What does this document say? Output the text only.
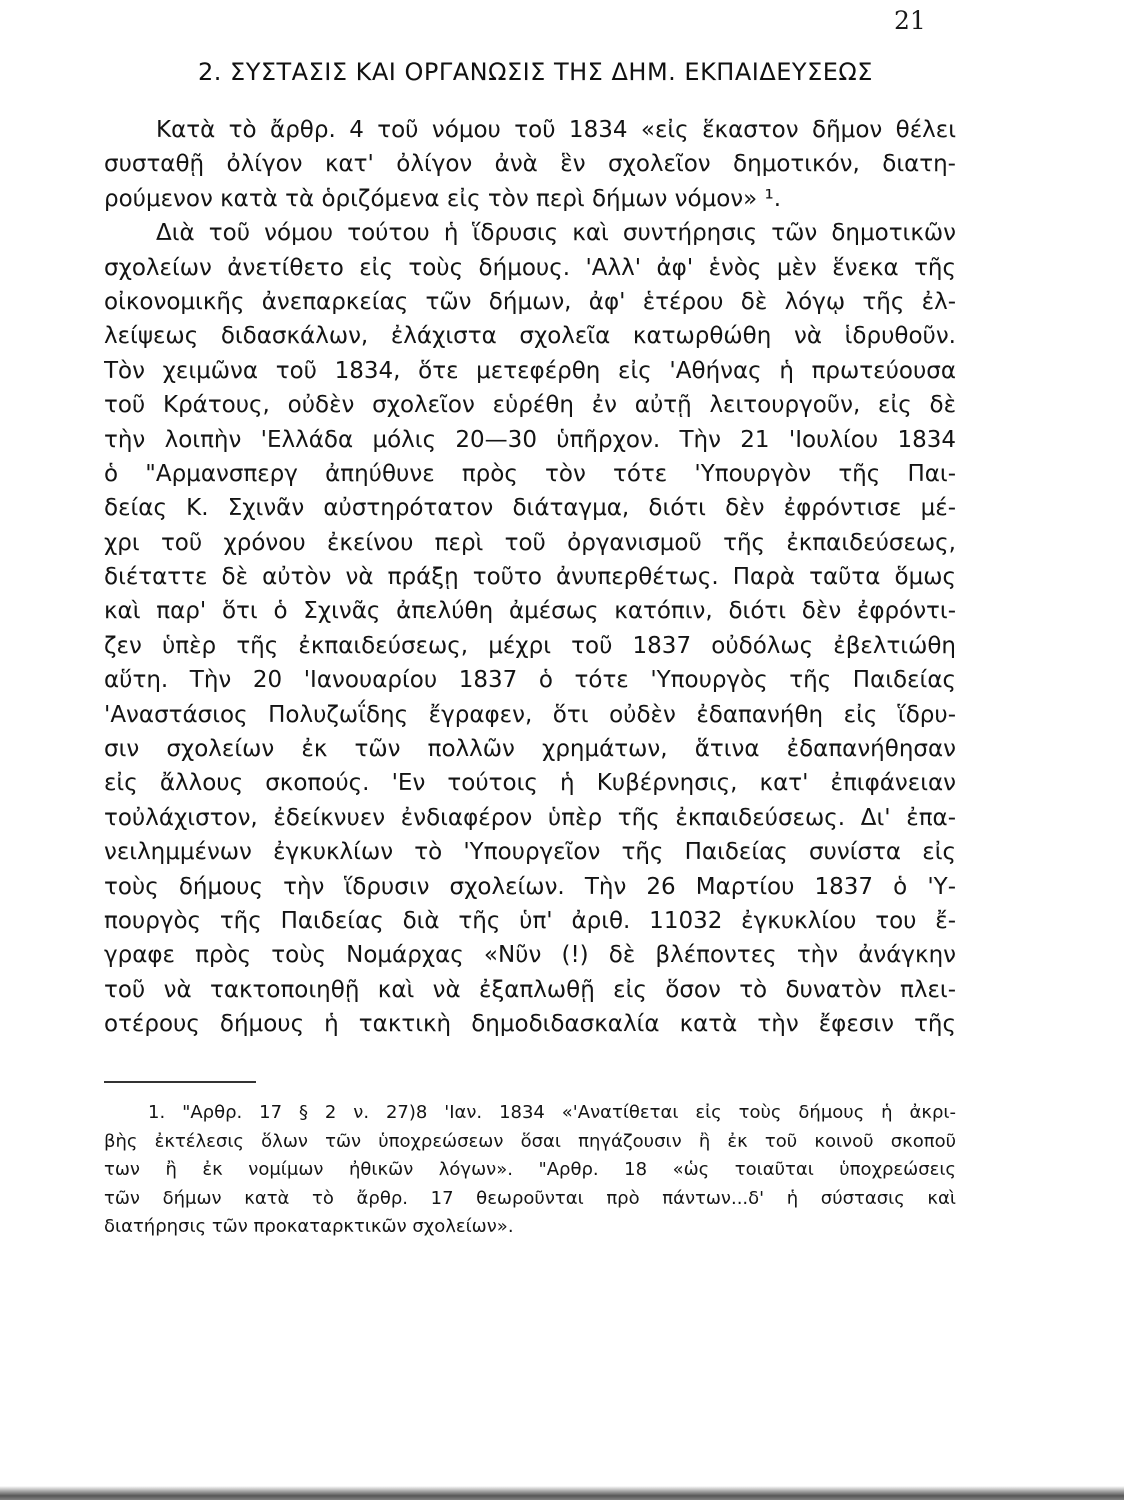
21
2. ΣΥΣΤΑΣΙΣ ΚΑΙ ΟΡΓΑΝΩΣΙΣ ΤΗΣ ΔΗΜ. ΕΚΠΑΙΔΕΥΣΕΩΣ
Κατὰ τὸ ἄρθρ. 4 τοῦ νόμου τοῦ 1834 «εἰς ἕκαστον δῆμον θέλει
συσταθῇ ὀλίγον κατ' ὀλίγον ἀνὰ ἓν σχολεῖον δημοτικόν, διατη-
ρούμενον κατὰ τὰ ὁριζόμενα εἰς τὸν περὶ δήμων νόμον» ¹.
Διὰ τοῦ νόμου τούτου ἡ ἵδρυσις καὶ συντήρησις τῶν δημοτικῶν
σχολείων ἀνετίθετο εἰς τοὺς δήμους. 'Αλλ' ἀφ' ἑνὸς μὲν ἕνεκα τῆς
οἰκονομικῆς ἀνεπαρκείας τῶν δήμων, ἀφ' ἑτέρου δὲ λόγῳ τῆς ἐλ-
λείψεως διδασκάλων, ἐλάχιστα σχολεῖα κατωρθώθη νὰ ἱδρυθοῦν.
Τὸν χειμῶνα τοῦ 1834, ὅτε μετεφέρθη εἰς 'Αθήνας ἡ πρωτεύουσα
τοῦ Κράτους, οὐδὲν σχολεῖον εὑρέθη ἐν αὐτῇ λειτουργοῦν, εἰς δὲ
τὴν λοιπὴν 'Ελλάδα μόλις 20—30 ὑπῆρχον. Τὴν 21 'Ιουλίου 1834
ὁ "Αρμανσπεργ ἀπηύθυνε πρὸς τὸν τότε 'Υπουργὸν τῆς Παι-
δείας Κ. Σχινᾶν αὐστηρότατον διάταγμα, διότι δὲν ἐφρόντισε μέ-
χρι τοῦ χρόνου ἐκείνου περὶ τοῦ ὀργανισμοῦ τῆς ἐκπαιδεύσεως,
διέταττε δὲ αὐτὸν νὰ πράξῃ τοῦτο ἀνυπερθέτως. Παρὰ ταῦτα ὅμως
καὶ παρ' ὅτι ὁ Σχινᾶς ἀπελύθη ἀμέσως κατόπιν, διότι δὲν ἐφρόντι-
ζεν ὑπὲρ τῆς ἐκπαιδεύσεως, μέχρι τοῦ 1837 οὐδόλως ἐβελτιώθη
αὕτη. Τὴν 20 'Ιανουαρίου 1837 ὁ τότε 'Υπουργὸς τῆς Παιδείας
'Αναστάσιος Πολυζωΐδης ἔγραφεν, ὅτι οὐδὲν ἐδαπανήθη εἰς ἵδρυ-
σιν σχολείων ἐκ τῶν πολλῶν χρημάτων, ἅτινα ἐδαπανήθησαν
εἰς ἄλλους σκοπούς. 'Εν τούτοις ἡ Κυβέρνησις, κατ' ἐπιφάνειαν
τοὐλάχιστον, ἐδείκνυεν ἐνδιαφέρον ὑπὲρ τῆς ἐκπαιδεύσεως. Δι' ἐπα-
νειλημμένων ἐγκυκλίων τὸ 'Υπουργεῖον τῆς Παιδείας συνίστα εἰς
τοὺς δήμους τὴν ἵδρυσιν σχολείων. Τὴν 26 Μαρτίου 1837 ὁ 'Υ-
πουργὸς τῆς Παιδείας διὰ τῆς ὑπ' ἀριθ. 11032 ἐγκυκλίου του ἔ-
γραφε πρὸς τοὺς Νομάρχας «Νῦν (!) δὲ βλέποντες τὴν ἀνάγκην
τοῦ νὰ τακτοποιηθῇ καὶ νὰ ἐξαπλωθῇ εἰς ὅσον τὸ δυνατὸν πλει-
οτέρους δήμους ἡ τακτικὴ δημοδιδασκαλία κατὰ τὴν ἔφεσιν τῆς
1. "Αρθρ. 17 § 2 ν. 27)8 'Ιαν. 1834 «'Ανατίθεται εἰς τοὺς δήμους ἡ ἀκρι-
βὴς ἐκτέλεσις ὅλων τῶν ὑποχρεώσεων ὅσαι πηγάζουσιν ἢ ἐκ τοῦ κοινοῦ σκοποῦ
των ἢ ἐκ νομίμων ἠθικῶν λόγων». "Αρθρ. 18 «ὡς τοιαῦται ὑποχρεώσεις
τῶν δήμων κατὰ τὸ ἄρθρ. 17 θεωροῦνται πρὸ πάντων...δ' ἡ σύστασις καὶ
διατήρησις τῶν προκαταρκτικῶν σχολείων».
